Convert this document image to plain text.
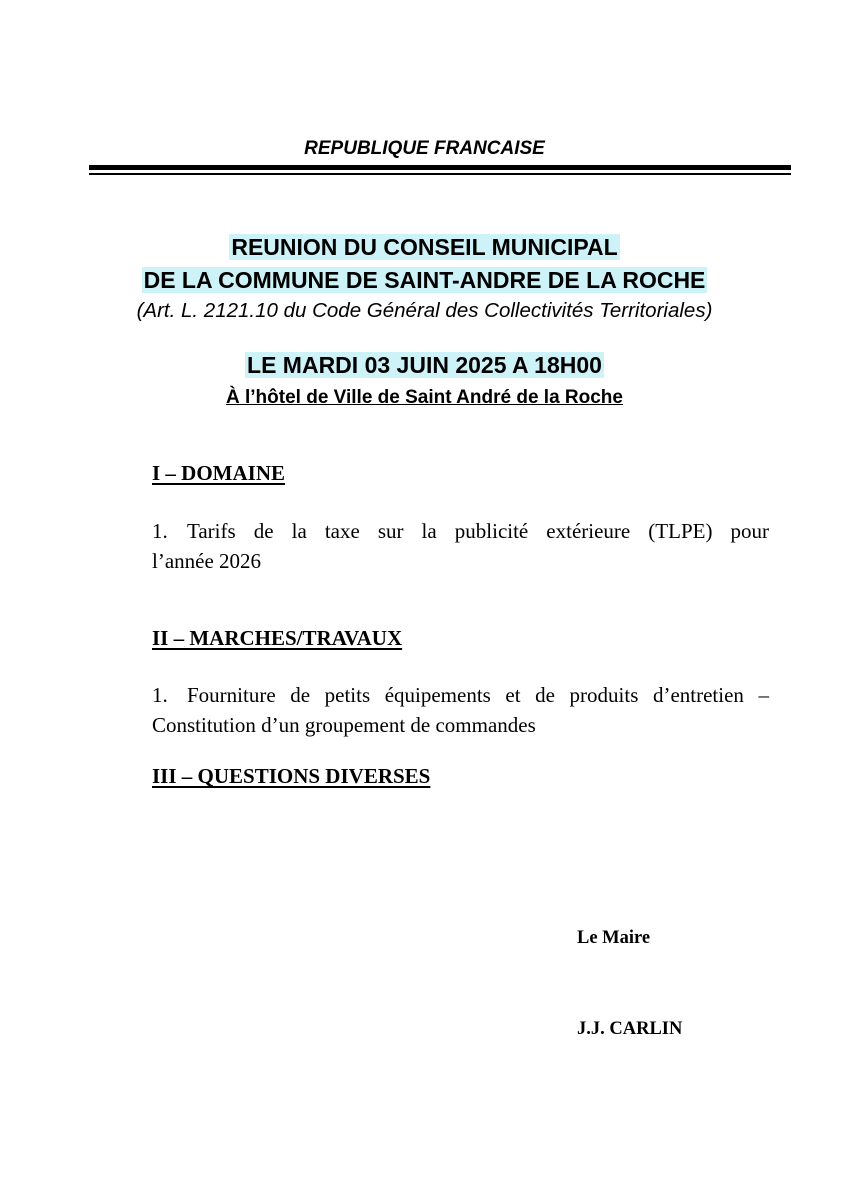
REPUBLIQUE FRANCAISE
REUNION DU CONSEIL MUNICIPAL
DE LA COMMUNE DE SAINT-ANDRE DE LA ROCHE
(Art. L. 2121.10 du Code Général des Collectivités Territoriales)
LE MARDI 03 JUIN 2025 A 18H00
À l’hôtel de Ville de Saint André de la Roche
I – DOMAINE
1. Tarifs de la taxe sur la publicité extérieure (TLPE) pour
l’année 2026
II – MARCHES/TRAVAUX
1. Fourniture de petits équipements et de produits d’entretien –
Constitution d’un groupement de commandes
III – QUESTIONS DIVERSES
Le Maire
J.J. CARLIN
